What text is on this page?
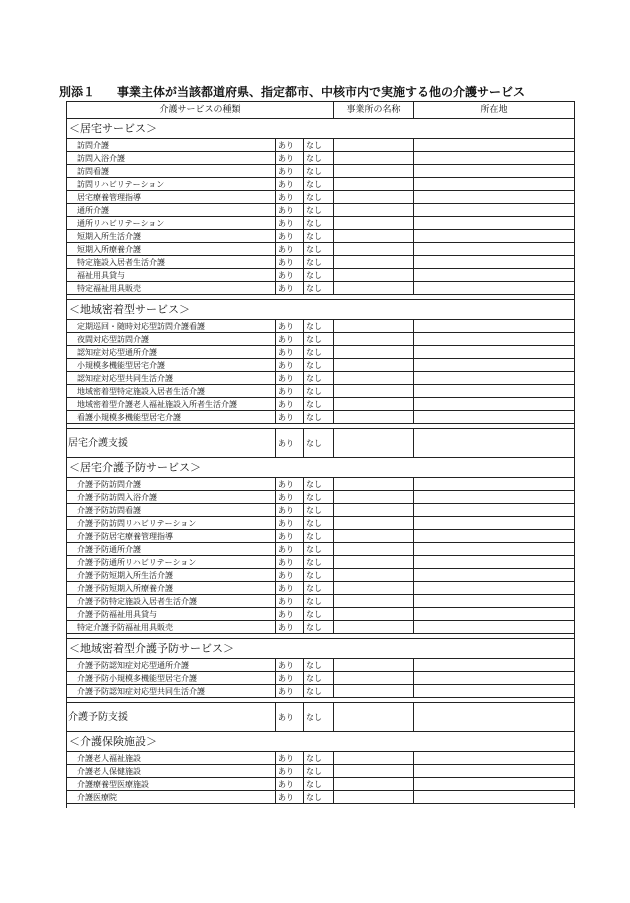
別添１ 事業主体が当該都道府県、指定都市、中核市内で実施する他の介護サービス
介護サービスの種類			事業所の名称	所在地
＜居宅サービス＞				
訪問介護	あり	なし		
訪問入浴介護	あり	なし		
訪問看護	あり	なし		
訪問リハビリテーション	あり	なし		
居宅療養管理指導	あり	なし		
通所介護	あり	なし		
通所リハビリテーション	あり	なし		
短期入所生活介護	あり	なし		
短期入所療養介護	あり	なし		
特定施設入居者生活介護	あり	なし		
福祉用具貸与	あり	なし		
特定福祉用具販売	あり	なし		

＜地域密着型サービス＞				
定期巡回・随時対応型訪問介護看護	あり	なし		
夜間対応型訪問介護	あり	なし		
認知症対応型通所介護	あり	なし		
小規模多機能型居宅介護	あり	なし		
認知症対応型共同生活介護	あり	なし		
地域密着型特定施設入居者生活介護	あり	なし		
地域密着型介護老人福祉施設入所者生活介護	あり	なし		
看護小規模多機能型居宅介護	あり	なし		

居宅介護支援	あり	なし		
＜居宅介護予防サービス＞				
介護予防訪問介護	あり	なし		
介護予防訪問入浴介護	あり	なし		
介護予防訪問看護	あり	なし		
介護予防訪問リハビリテーション	あり	なし		
介護予防居宅療養管理指導	あり	なし		
介護予防通所介護	あり	なし		
介護予防通所リハビリテーション	あり	なし		
介護予防短期入所生活介護	あり	なし		
介護予防短期入所療養介護	あり	なし		
介護予防特定施設入居者生活介護	あり	なし		
介護予防福祉用具貸与	あり	なし		
特定介護予防福祉用具販売	あり	なし		

＜地域密着型介護予防サービス＞				
介護予防認知症対応型通所介護	あり	なし		
介護予防小規模多機能型居宅介護	あり	なし		
介護予防認知症対応型共同生活介護	あり	なし		

介護予防支援	あり	なし		
＜介護保険施設＞				
介護老人福祉施設	あり	なし		
介護老人保健施設	あり	なし		
介護療養型医療施設	あり	なし		
介護医療院	あり	なし		
